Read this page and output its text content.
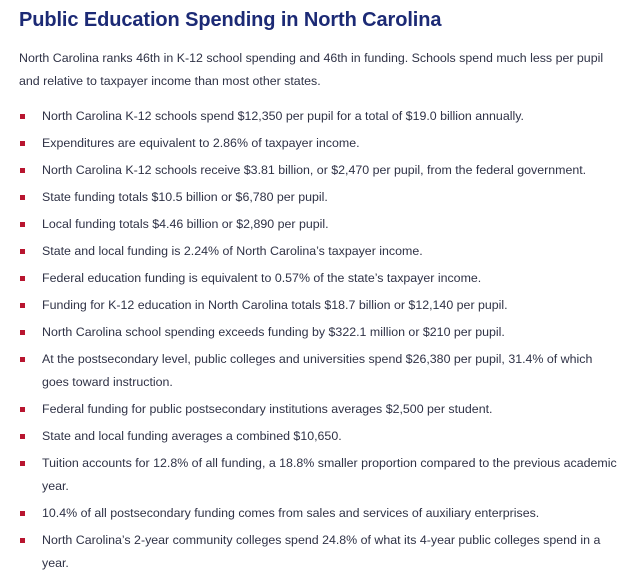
Public Education Spending in North Carolina

North Carolina ranks 46th in K-12 school spending and 46th in funding. Schools spend much less per pupil and relative to taxpayer income than most other states.

North Carolina K-12 schools spend $12,350 per pupil for a total of $19.0 billion annually.
Expenditures are equivalent to 2.86% of taxpayer income.
North Carolina K-12 schools receive $3.81 billion, or $2,470 per pupil, from the federal government.
State funding totals $10.5 billion or $6,780 per pupil.
Local funding totals $4.46 billion or $2,890 per pupil.
State and local funding is 2.24% of North Carolina’s taxpayer income.
Federal education funding is equivalent to 0.57% of the state’s taxpayer income.
Funding for K-12 education in North Carolina totals $18.7 billion or $12,140 per pupil.
North Carolina school spending exceeds funding by $322.1 million or $210 per pupil.
At the postsecondary level, public colleges and universities spend $26,380 per pupil, 31.4% of which goes toward instruction.
Federal funding for public postsecondary institutions averages $2,500 per student.
State and local funding averages a combined $10,650.
Tuition accounts for 12.8% of all funding, a 18.8% smaller proportion compared to the previous academic year.
10.4% of all postsecondary funding comes from sales and services of auxiliary enterprises.
North Carolina’s 2-year community colleges spend 24.8% of what its 4-year public colleges spend in a year.
